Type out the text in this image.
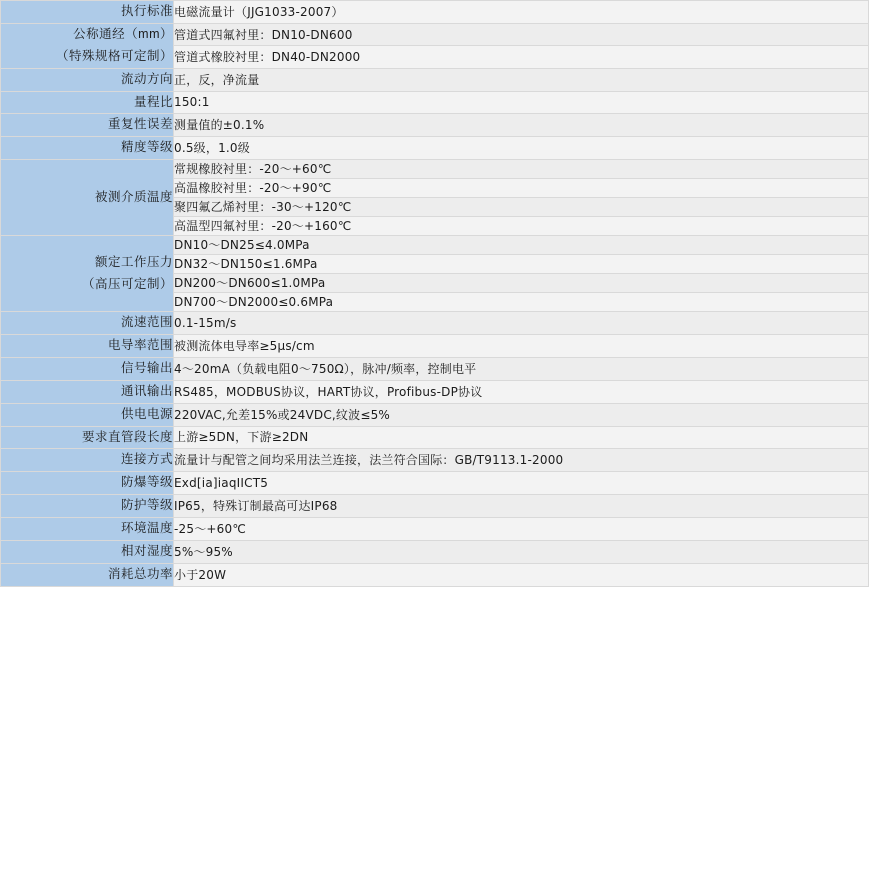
执行标准	电磁流量计（JJG1033-2007）

公称通经（mm）
（特殊规格可定制）	管道式四氟衬里：DN10-DN600
	管道式橡胶衬里：DN40-DN2000

流动方向	正，反，净流量

量程比	150:1

重复性误差	测量值的±0.1%

精度等级	0.5级，1.0级

被测介质温度	常规橡胶衬里：-20～+60℃
	高温橡胶衬里：-20～+90℃
	聚四氟乙烯衬里：-30～+120℃
	高温型四氟衬里：-20～+160℃

额定工作压力
（高压可定制）	DN10～DN25≤4.0MPa
	DN32～DN150≤1.6MPa
	DN200～DN600≤1.0MPa
	DN700～DN2000≤0.6MPa

流速范围	0.1-15m/s

电导率范围	被测流体电导率≥5μs/cm

信号输出	4～20mA（负载电阻0～750Ω），脉冲/频率，控制电平

通讯输出	RS485，MODBUS协议，HART协议，Profibus-DP协议

供电电源	220VAC,允差15%或24VDC,纹波≤5%

要求直管段长度	上游≥5DN，下游≥2DN

连接方式	流量计与配管之间均采用法兰连接，法兰符合国际：GB/T9113.1-2000

防爆等级	Exd[ia]iaqIICT5

防护等级	IP65，特殊订制最高可达IP68

环境温度	-25～+60℃

相对湿度	5%～95%

消耗总功率	小于20W
